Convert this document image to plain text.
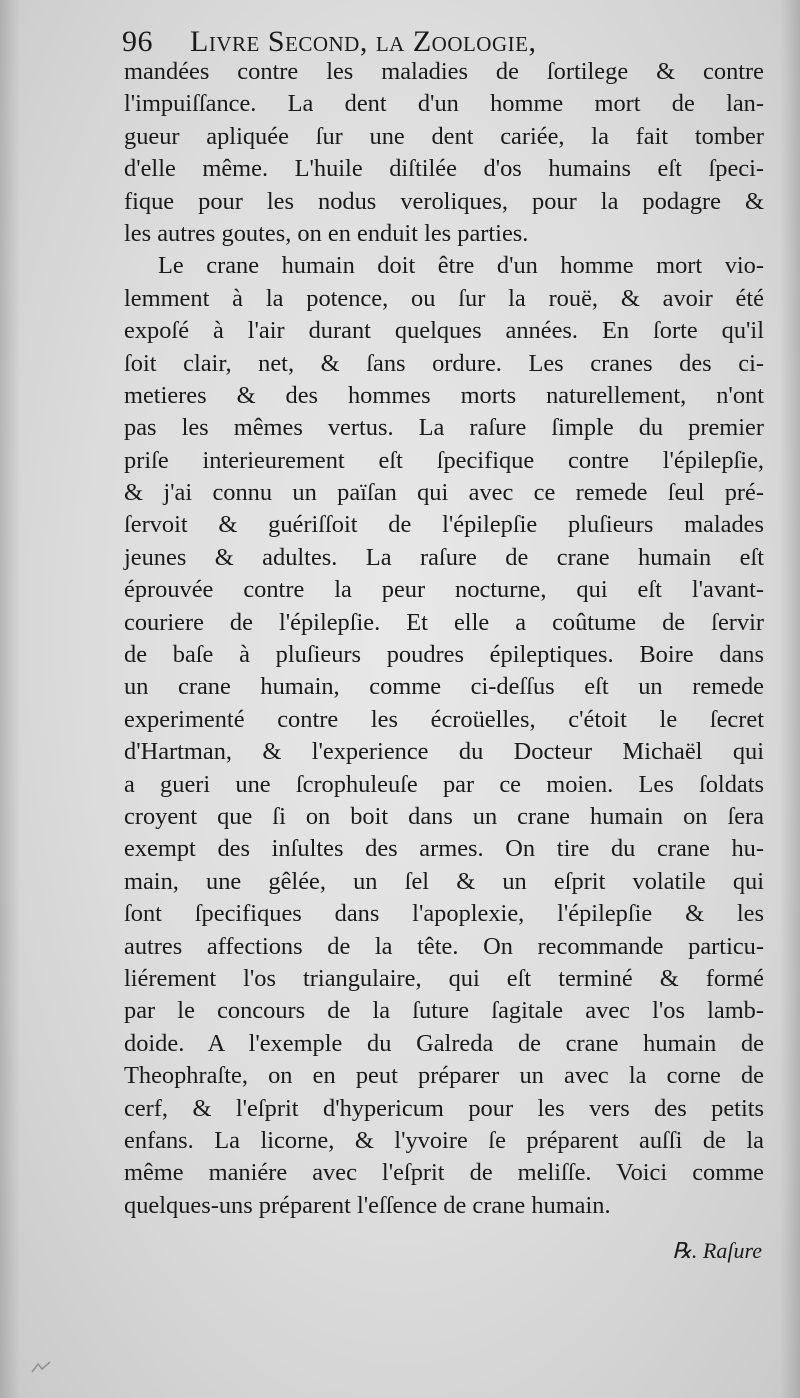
96 Livre Second, la Zoologie,
mandées contre les maladies de ſortilege & contre
l'impuiſſance. La dent d'un homme mort de lan-
gueur apliquée ſur une dent cariée, la fait tomber
d'elle même. L'huile diſtilée d'os humains eſt ſpeci-
fique pour les nodus veroliques, pour la podagre &
les autres goutes, on en enduit les parties.
Le crane humain doit être d'un homme mort vio-
lemment à la potence, ou ſur la rouë, & avoir été
expoſé à l'air durant quelques années. En ſorte qu'il
ſoit clair, net, & ſans ordure. Les cranes des ci-
metieres & des hommes morts naturellement, n'ont
pas les mêmes vertus. La raſure ſimple du premier
priſe interieurement eſt ſpecifique contre l'épilepſie,
& j'ai connu un païſan qui avec ce remede ſeul pré-
ſervoit & guériſſoit de l'épilepſie pluſieurs malades
jeunes & adultes. La raſure de crane humain eſt
éprouvée contre la peur nocturne, qui eſt l'avant-
couriere de l'épilepſie. Et elle a coûtume de ſervir
de baſe à pluſieurs poudres épileptiques. Boire dans
un crane humain, comme ci-deſſus eſt un remede
experimenté contre les écroüelles, c'étoit le ſecret
d'Hartman, & l'experience du Docteur Michaël qui
a gueri une ſcrophuleuſe par ce moien. Les ſoldats
croyent que ſi on boit dans un crane humain on ſera
exempt des inſultes des armes. On tire du crane hu-
main, une gêlée, un ſel & un eſprit volatile qui
ſont ſpecifiques dans l'apoplexie, l'épilepſie & les
autres affections de la tête. On recommande particu-
liérement l'os triangulaire, qui eſt terminé & formé
par le concours de la ſuture ſagitale avec l'os lamb-
doide. A l'exemple du Galreda de crane humain de
Theophraſte, on en peut préparer un avec la corne de
cerf, & l'eſprit d'hypericum pour les vers des petits
enfans. La licorne, & l'yvoire ſe préparent auſſi de la
même maniére avec l'eſprit de meliſſe. Voici comme
quelques-uns préparent l'eſſence de crane humain.
℞. Raſure
